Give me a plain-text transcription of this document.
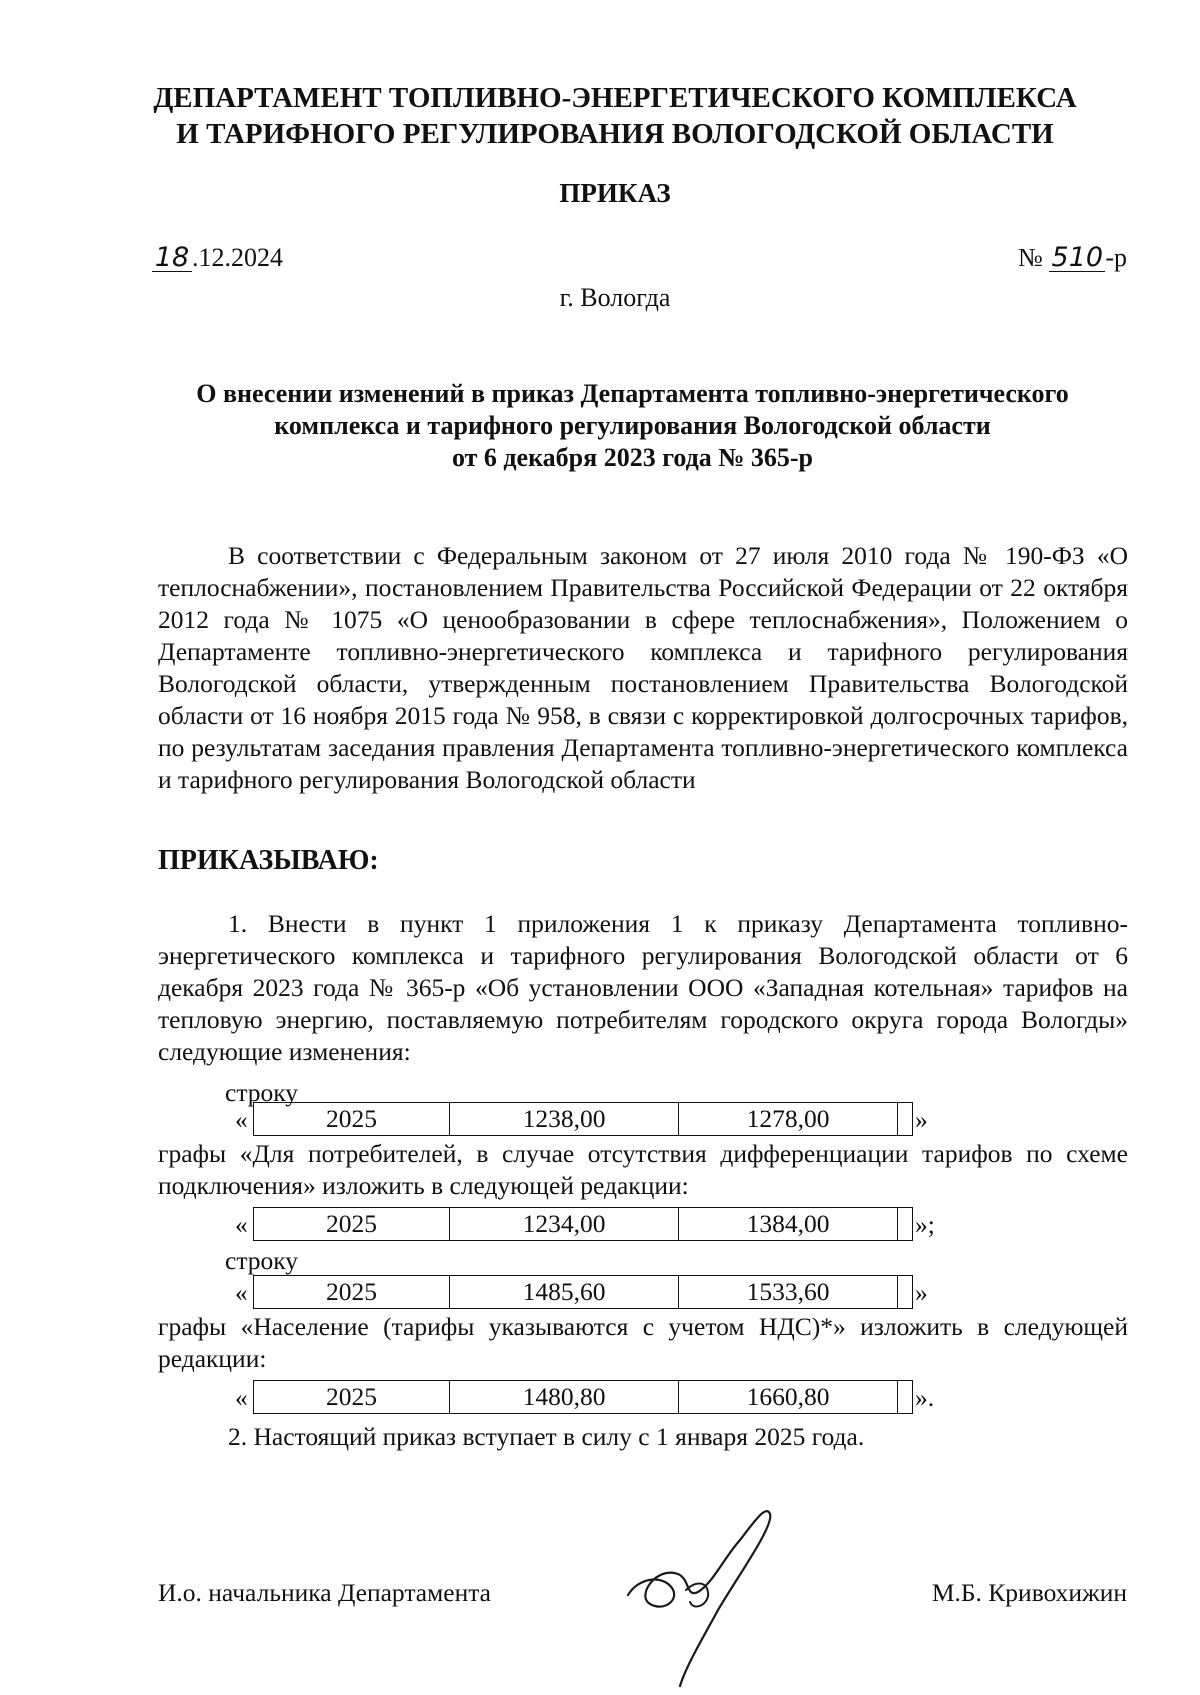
ДЕПАРТАМЕНТ ТОПЛИВНО-ЭНЕРГЕТИЧЕСКОГО КОМПЛЕКСА
И ТАРИФНОГО РЕГУЛИРОВАНИЯ ВОЛОГОДСКОЙ ОБЛАСТИ
ПРИКАЗ
18 .12.2024	№ 510-р
г. Вологда
О внесении изменений в приказ Департамента топливно-энергетического
комплекса и тарифного регулирования Вологодской области
от 6 декабря 2023 года № 365-р

В соответствии с Федеральным законом от 27 июля 2010 года № 190-ФЗ «О теплоснабжении», постановлением Правительства Российской Федерации от 22 октября 2012 года № 1075 «О ценообразовании в сфере теплоснабжения», Положением о Департаменте топливно-энергетического комплекса и тарифного регулирования Вологодской области, утвержденным постановлением Правительства Вологодской области от 16 ноября 2015 года № 958, в связи с корректировкой долгосрочных тарифов, по результатам заседания правления Департамента топливно-энергетического комплекса и тарифного регулирования Вологодской области

ПРИКАЗЫВАЮ:

1. Внести в пункт 1 приложения 1 к приказу Департамента топливно-энергетического комплекса и тарифного регулирования Вологодской области от 6 декабря 2023 года № 365-р «Об установлении ООО «Западная котельная» тарифов на тепловую энергию, поставляемую потребителям городского округа города Вологды» следующие изменения:

строку
«	2025	1238,00	1278,00	»

графы «Для потребителей, в случае отсутствия дифференциации тарифов по схеме подключения» изложить в следующей редакции:

«	2025	1234,00	1384,00	»;
строку
«	2025	1485,60	1533,60	»

графы «Население (тарифы указываются с учетом НДС)*» изложить в следующей редакции:

«	2025	1480,80	1660,80	».
2. Настоящий приказ вступает в силу с 1 января 2025 года.
И.о. начальника Департамента	М.Б. Кривохижин
